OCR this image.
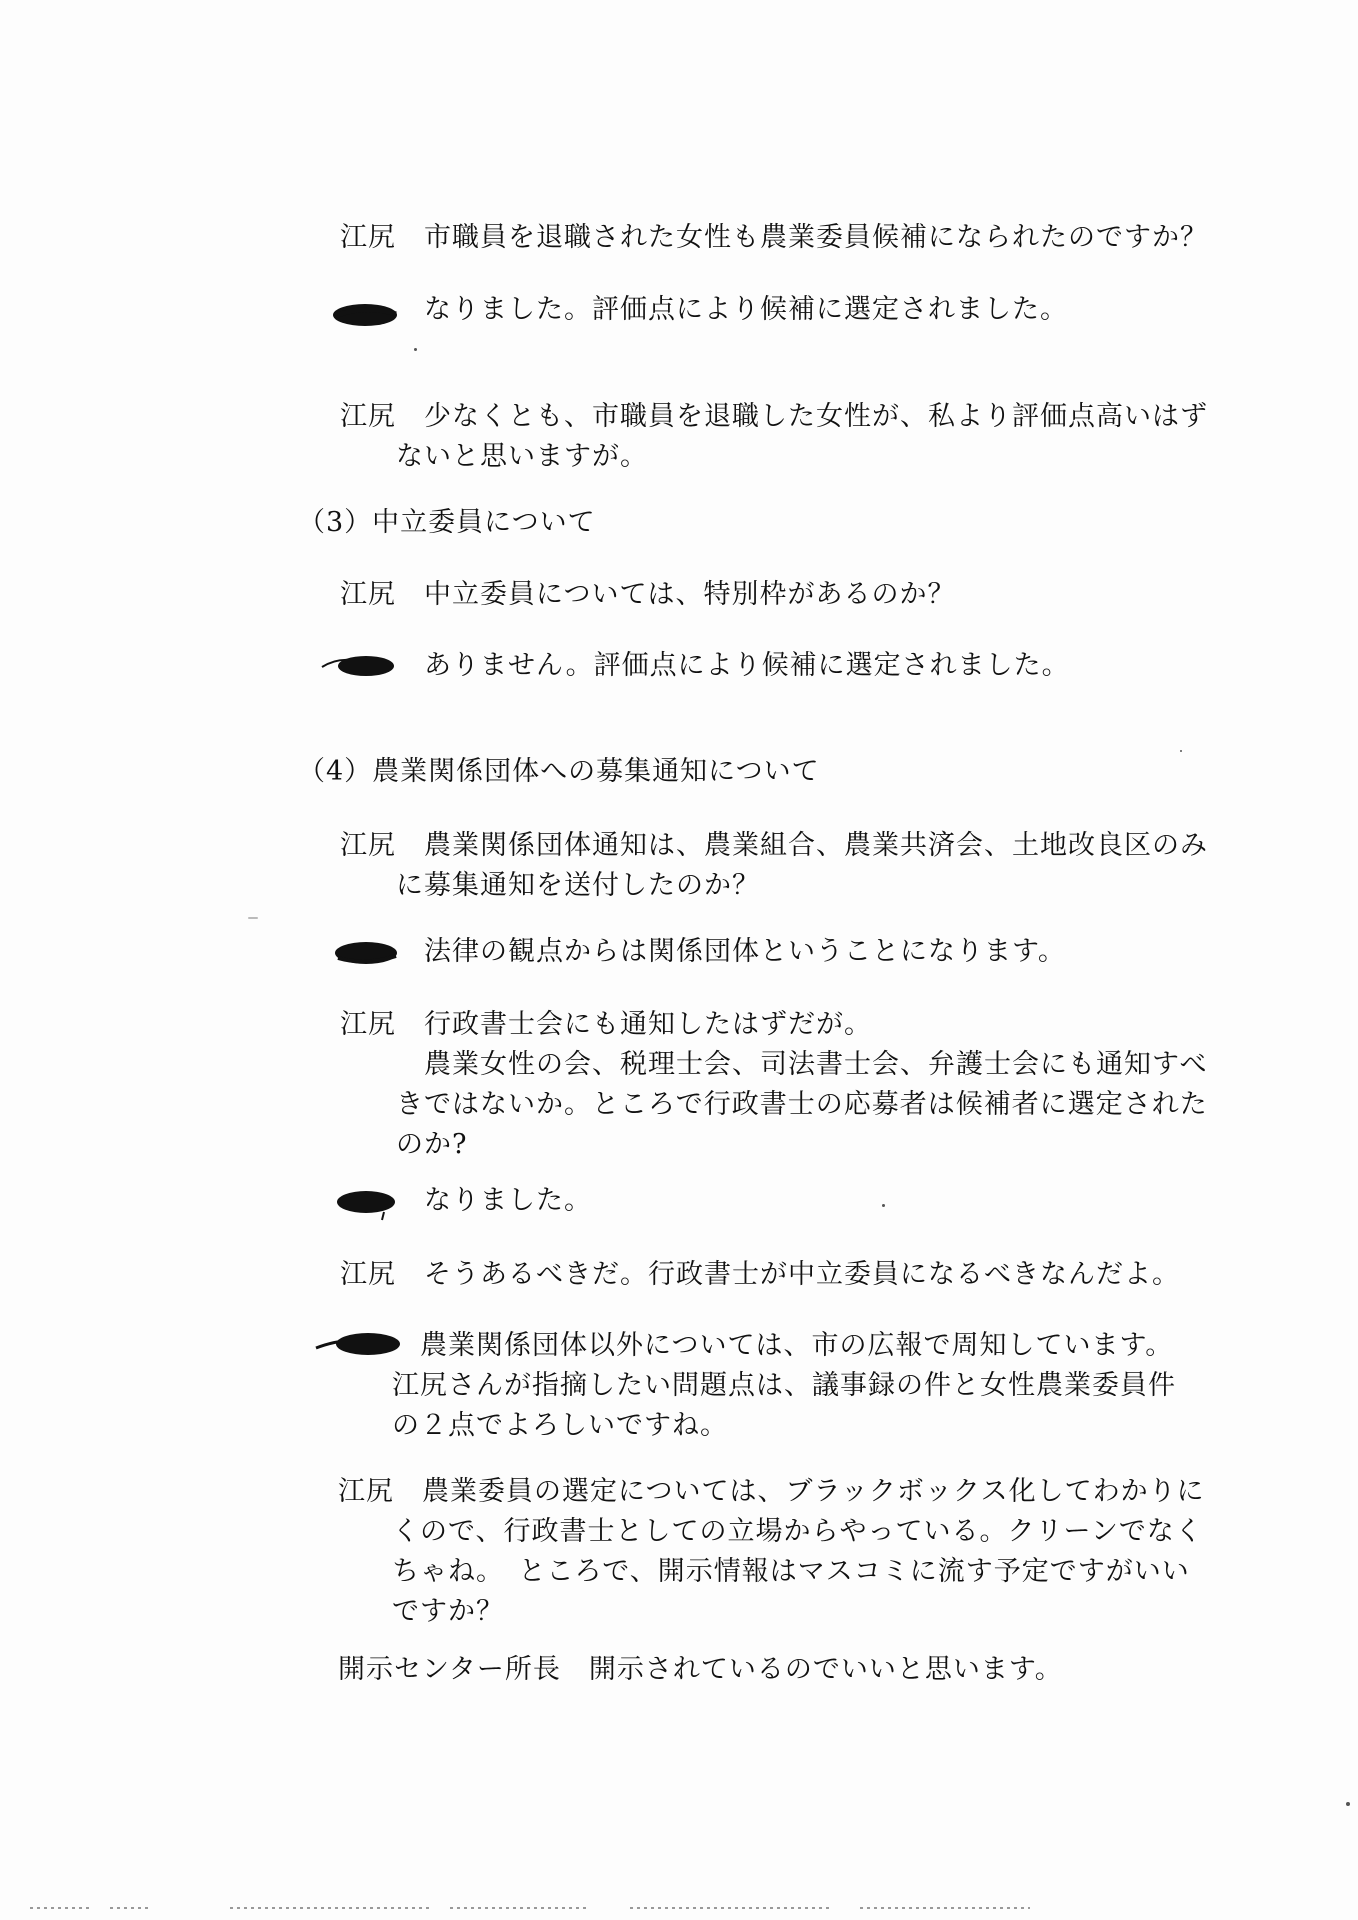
江尻 市職員を退職された女性も農業委員候補になられたのですか？
なりました。評価点により候補に選定されました。
江尻 少なくとも、市職員を退職した女性が、私より評価点高いはず
ないと思いますが。
（3）中立委員について
江尻 中立委員については、特別枠があるのか？
ありません。評価点により候補に選定されました。
（4）農業関係団体への募集通知について
江尻 農業関係団体通知は、農業組合、農業共済会、土地改良区のみ
に募集通知を送付したのか？
法律の観点からは関係団体ということになります。
江尻 行政書士会にも通知したはずだが。
農業女性の会、税理士会、司法書士会、弁護士会にも通知すべ
きではないか。ところで行政書士の応募者は候補者に選定された
のか?
なりました。
江尻 そうあるべきだ。行政書士が中立委員になるべきなんだよ。
農業関係団体以外については、市の広報で周知しています。
江尻さんが指摘したい問題点は、議事録の件と女性農業委員件
の２点でよろしいですね。
江尻 農業委員の選定については、ブラックボックス化してわかりに
くので、行政書士としての立場からやっている。クリーンでなく
ちゃね。　ところで、開示情報はマスコミに流す予定ですがいい
ですか？
開示センター所長 開示されているのでいいと思います。
